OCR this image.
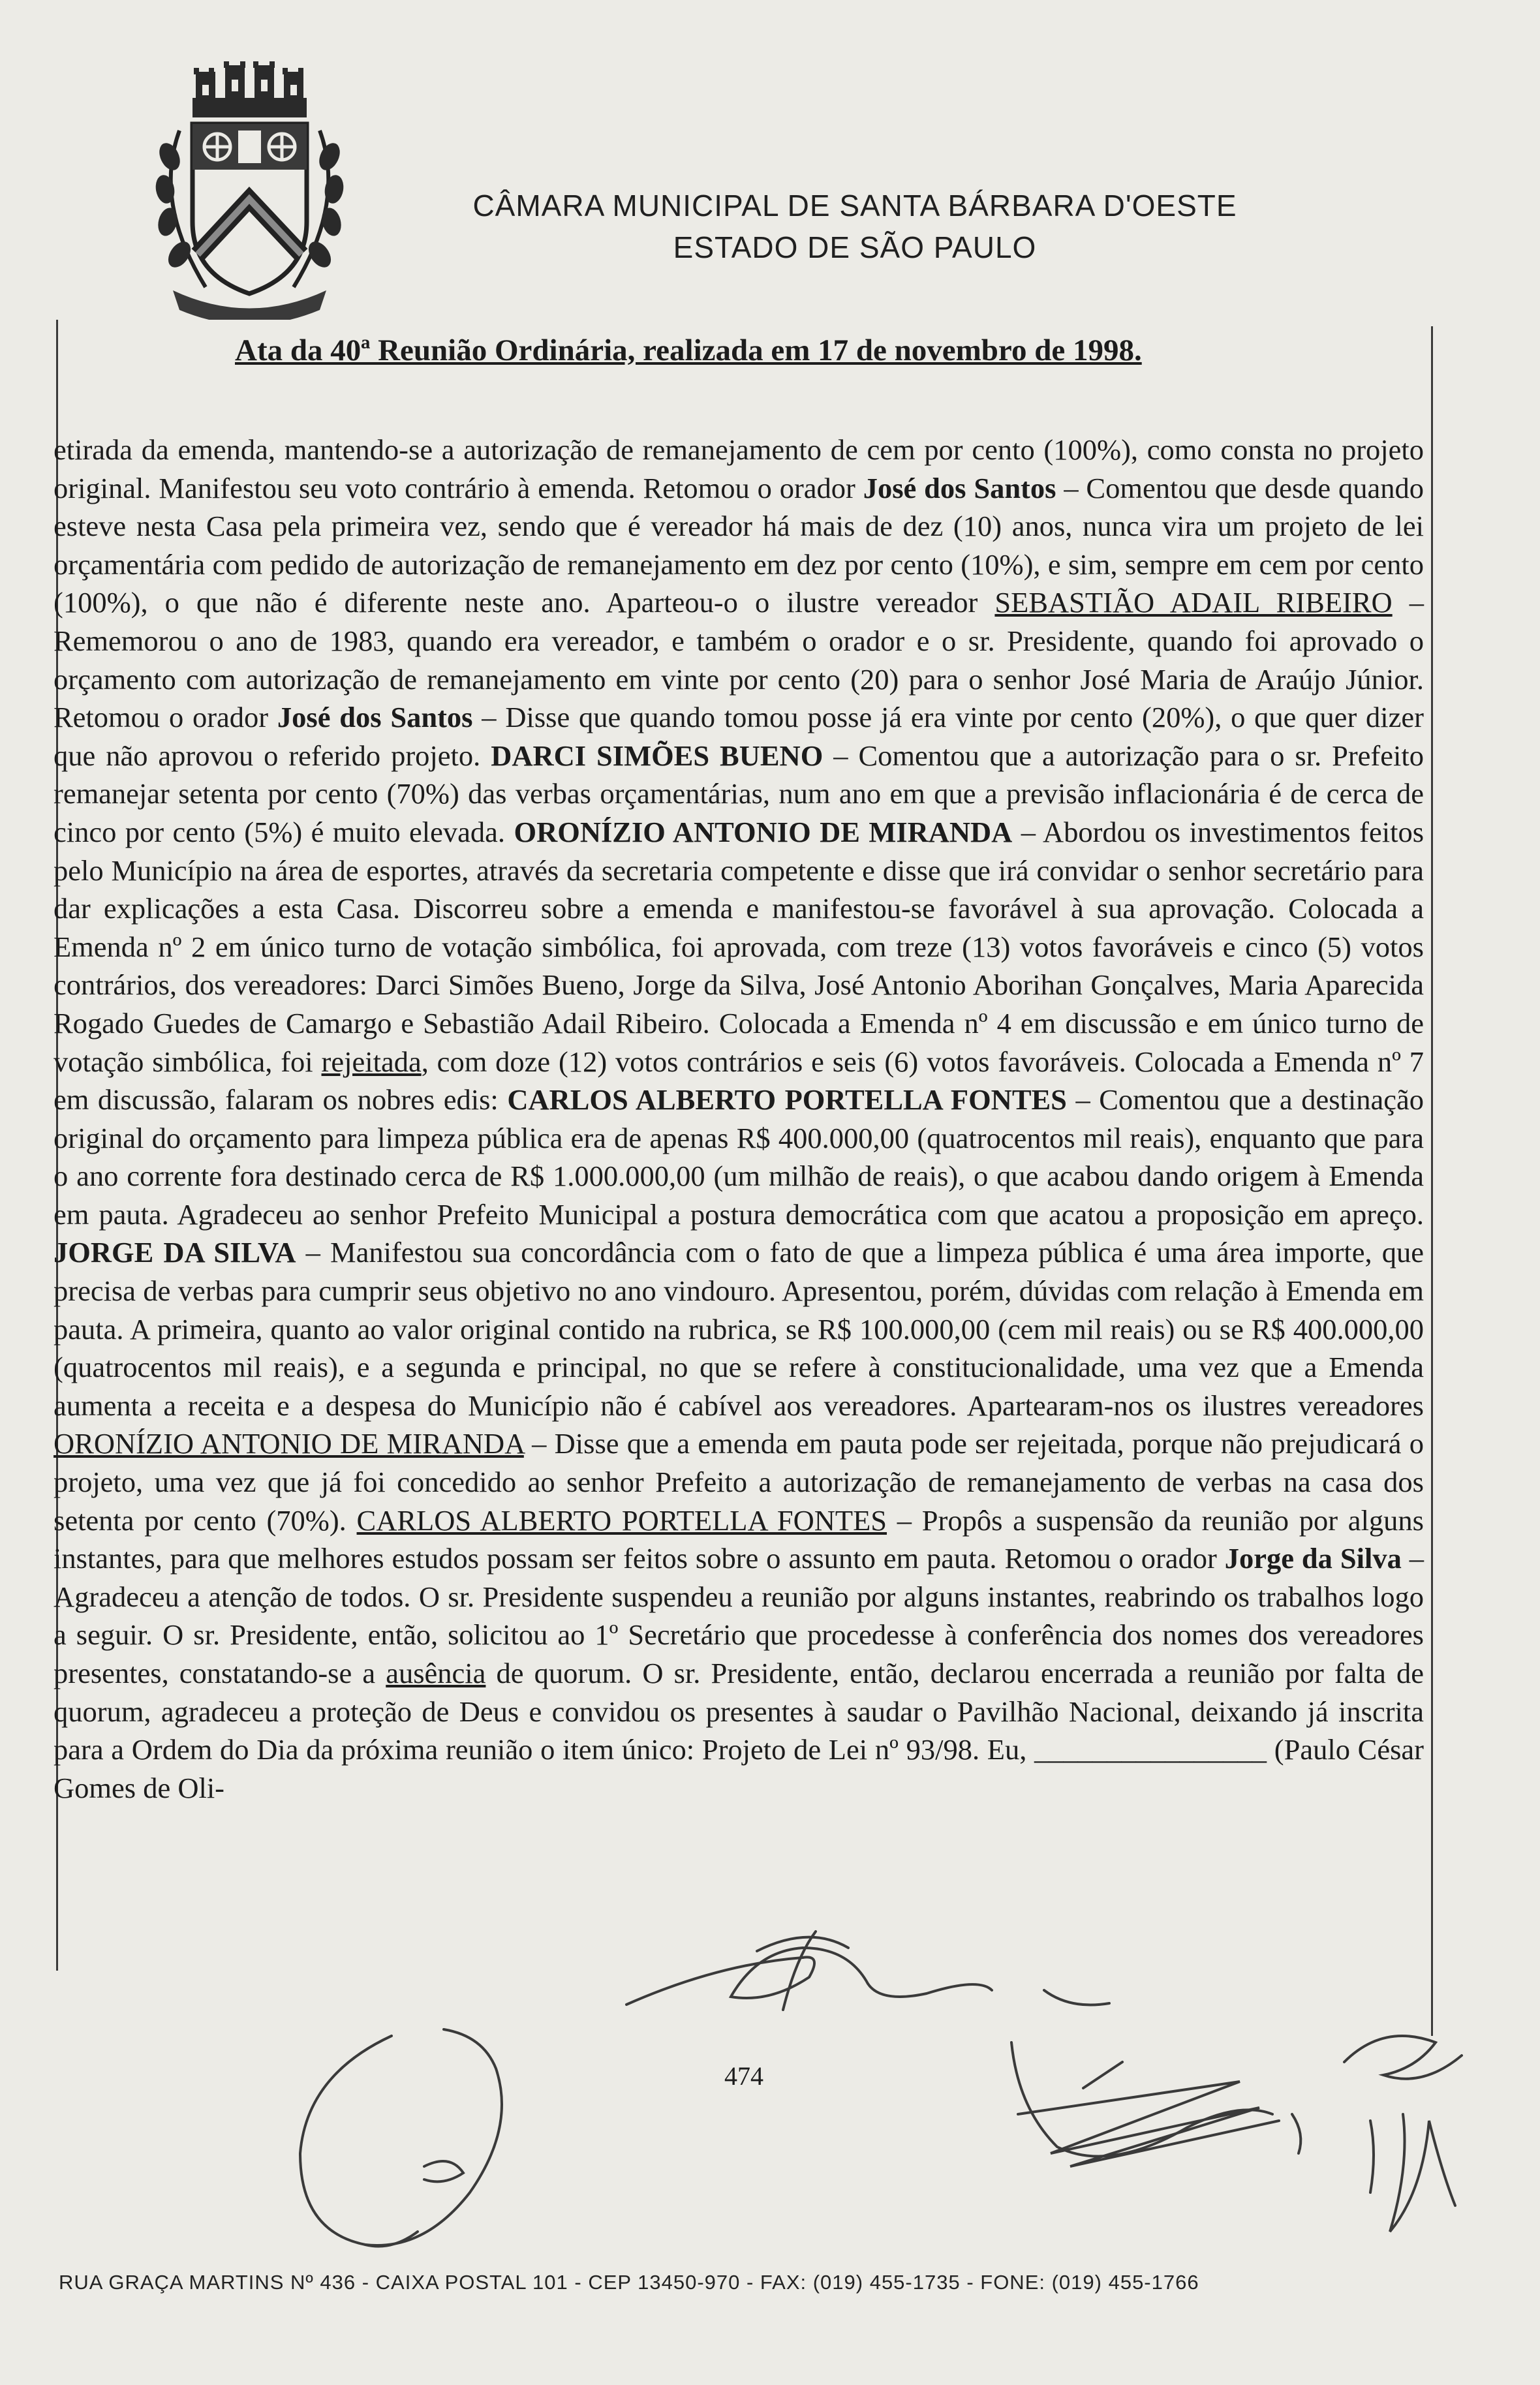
CÂMARA MUNICIPAL DE SANTA BÁRBARA D'OESTE
ESTADO DE SÃO PAULO
Ata da 40ª Reunião Ordinária, realizada em 17 de novembro de 1998.

etirada da emenda, mantendo-se a autorização de remanejamento de cem por cento (100%), como consta no projeto original. Manifestou seu voto contrário à emenda. Retomou o orador José dos Santos – Comentou que desde quando esteve nesta Casa pela primeira vez, sendo que é vereador há mais de dez (10) anos, nunca vira um projeto de lei orçamentária com pedido de autorização de remanejamento em dez por cento (10%), e sim, sempre em cem por cento (100%), o que não é diferente neste ano. Aparteou-o o ilustre vereador SEBASTIÃO ADAIL RIBEIRO – Rememorou o ano de 1983, quando era vereador, e também o orador e o sr. Presidente, quando foi aprovado o orçamento com autorização de remanejamento em vinte por cento (20) para o senhor José Maria de Araújo Júnior. Retomou o orador José dos Santos – Disse que quando tomou posse já era vinte por cento (20%), o que quer dizer que não aprovou o referido projeto. DARCI SIMÕES BUENO – Comentou que a autorização para o sr. Prefeito remanejar setenta por cento (70%) das verbas orçamentárias, num ano em que a previsão inflacionária é de cerca de cinco por cento (5%) é muito elevada. ORONÍZIO ANTONIO DE MIRANDA – Abordou os investimentos feitos pelo Município na área de esportes, através da secretaria competente e disse que irá convidar o senhor secretário para dar explicações a esta Casa. Discorreu sobre a emenda e manifestou-se favorável à sua aprovação. Colocada a Emenda nº 2 em único turno de votação simbólica, foi aprovada, com treze (13) votos favoráveis e cinco (5) votos contrários, dos vereadores: Darci Simões Bueno, Jorge da Silva, José Antonio Aborihan Gonçalves, Maria Aparecida Rogado Guedes de Camargo e Sebastião Adail Ribeiro. Colocada a Emenda nº 4 em discussão e em único turno de votação simbólica, foi rejeitada, com doze (12) votos contrários e seis (6) votos favoráveis. Colocada a Emenda nº 7 em discussão, falaram os nobres edis: CARLOS ALBERTO PORTELLA FONTES – Comentou que a destinação original do orçamento para limpeza pública era de apenas R$ 400.000,00 (quatrocentos mil reais), enquanto que para o ano corrente fora destinado cerca de R$ 1.000.000,00 (um milhão de reais), o que acabou dando origem à Emenda em pauta. Agradeceu ao senhor Prefeito Municipal a postura democrática com que acatou a proposição em apreço. JORGE DA SILVA – Manifestou sua concordância com o fato de que a limpeza pública é uma área importe, que precisa de verbas para cumprir seus objetivo no ano vindouro. Apresentou, porém, dúvidas com relação à Emenda em pauta. A primeira, quanto ao valor original contido na rubrica, se R$ 100.000,00 (cem mil reais) ou se R$ 400.000,00 (quatrocentos mil reais), e a segunda e principal, no que se refere à constitucionalidade, uma vez que a Emenda aumenta a receita e a despesa do Município não é cabível aos vereadores. Apartearam-nos os ilustres vereadores ORONÍZIO ANTONIO DE MIRANDA – Disse que a emenda em pauta pode ser rejeitada, porque não prejudicará o projeto, uma vez que já foi concedido ao senhor Prefeito a autorização de remanejamento de verbas na casa dos setenta por cento (70%). CARLOS ALBERTO PORTELLA FONTES – Propôs a suspensão da reunião por alguns instantes, para que melhores estudos possam ser feitos sobre o assunto em pauta. Retomou o orador Jorge da Silva – Agradeceu a atenção de todos. O sr. Presidente suspendeu a reunião por alguns instantes, reabrindo os trabalhos logo a seguir. O sr. Presidente, então, solicitou ao 1º Secretário que procedesse à conferência dos nomes dos vereadores presentes, constatando-se a ausência de quorum. O sr. Presidente, então, declarou encerrada a reunião por falta de quorum, agradeceu a proteção de Deus e convidou os presentes à saudar o Pavilhão Nacional, deixando já inscrita para a Ordem do Dia da próxima reunião o item único: Projeto de Lei nº 93/98. Eu, ________________ (Paulo César Gomes de Oli-

474
RUA GRAÇA MARTINS Nº 436 - CAIXA POSTAL 101 - CEP 13450-970 - FAX: (019) 455-1735 - FONE: (019) 455-1766
